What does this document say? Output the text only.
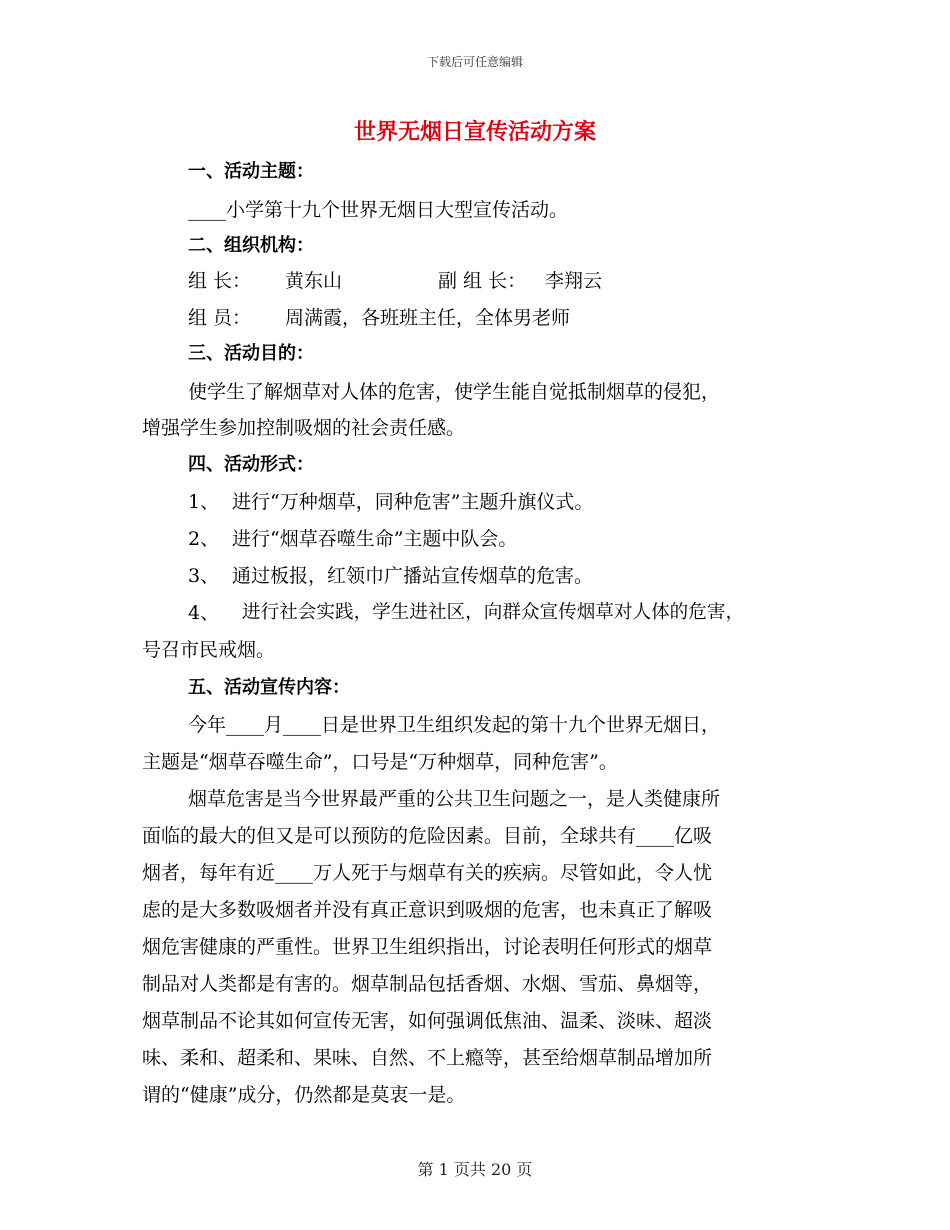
下载后可任意编辑
世界无烟日宣传活动方案
一、活动主题：
____小学第十九个世界无烟日大型宣传活动。
二、组织机构：
组 长： 黄东山	副 组 长： 李翔云
组 员： 周满霞，各班班主任，全体男老师
三、活动目的：
使学生了解烟草对人体的危害，使学生能自觉抵制烟草的侵犯，
增强学生参加控制吸烟的社会责任感。
四、活动形式：
1、 进行“万种烟草，同种危害”主题升旗仪式。
2、 进行“烟草吞噬生命”主题中队会。
3、 通过板报，红领巾广播站宣传烟草的危害。
4、 进行社会实践，学生进社区，向群众宣传烟草对人体的危害，
号召市民戒烟。
五、活动宣传内容：
今年____月____日是世界卫生组织发起的第十九个世界无烟日，
主题是“烟草吞噬生命”，口号是“万种烟草，同种危害”。
烟草危害是当今世界最严重的公共卫生问题之一，是人类健康所
面临的最大的但又是可以预防的危险因素。目前，全球共有____亿吸
烟者，每年有近____万人死于与烟草有关的疾病。尽管如此，令人忧
虑的是大多数吸烟者并没有真正意识到吸烟的危害，也未真正了解吸
烟危害健康的严重性。世界卫生组织指出，讨论表明任何形式的烟草
制品对人类都是有害的。烟草制品包括香烟、水烟、雪茄、鼻烟等，
烟草制品不论其如何宣传无害，如何强调低焦油、温柔、淡味、超淡
味、柔和、超柔和、果味、自然、不上瘾等，甚至给烟草制品增加所
谓的“健康”成分，仍然都是莫衷一是。
第 1 页共 20 页
